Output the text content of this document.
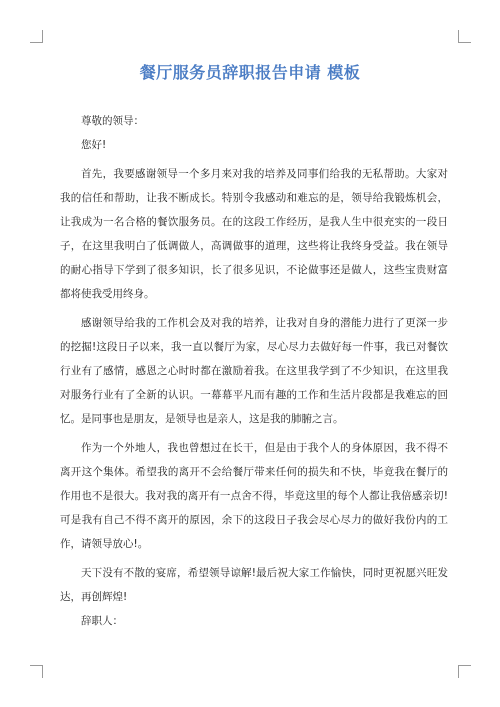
餐厅服务员辞职报告申请 模板

尊敬的领导：

您好!

首先，我要感谢领导一个多月来对我的培养及同事们给我的无私帮助。大家对我的信任和帮助，让我不断成长。特别令我感动和难忘的是，领导给我锻炼机会，让我成为一名合格的餐饮服务员。在的这段工作经历，是我人生中很充实的一段日子，在这里我明白了低调做人，高调做事的道理，这些将让我终身受益。我在领导的耐心指导下学到了很多知识，长了很多见识，不论做事还是做人，这些宝贵财富都将使我受用终身。

感谢领导给我的工作机会及对我的培养，让我对自身的潜能力进行了更深一步的挖掘!这段日子以来，我一直以餐厅为家，尽心尽力去做好每一件事，我已对餐饮行业有了感情，感恩之心时时都在激励着我。在这里我学到了不少知识，在这里我对服务行业有了全新的认识。一幕幕平凡而有趣的工作和生活片段都是我难忘的回忆。是同事也是朋友，是领导也是亲人，这是我的肺腑之言。

作为一个外地人，我也曾想过在长干，但是由于我个人的身体原因，我不得不离开这个集体。希望我的离开不会给餐厅带来任何的损失和不快，毕竟我在餐厅的作用也不是很大。我对我的离开有一点舍不得，毕竟这里的每个人都让我倍感亲切!可是我有自己不得不离开的原因，余下的这段日子我会尽心尽力的做好我份内的工作，请领导放心!。

天下没有不散的宴席，希望领导谅解!最后祝大家工作愉快，同时更祝愿兴旺发达，再创辉煌!

辞职人：
